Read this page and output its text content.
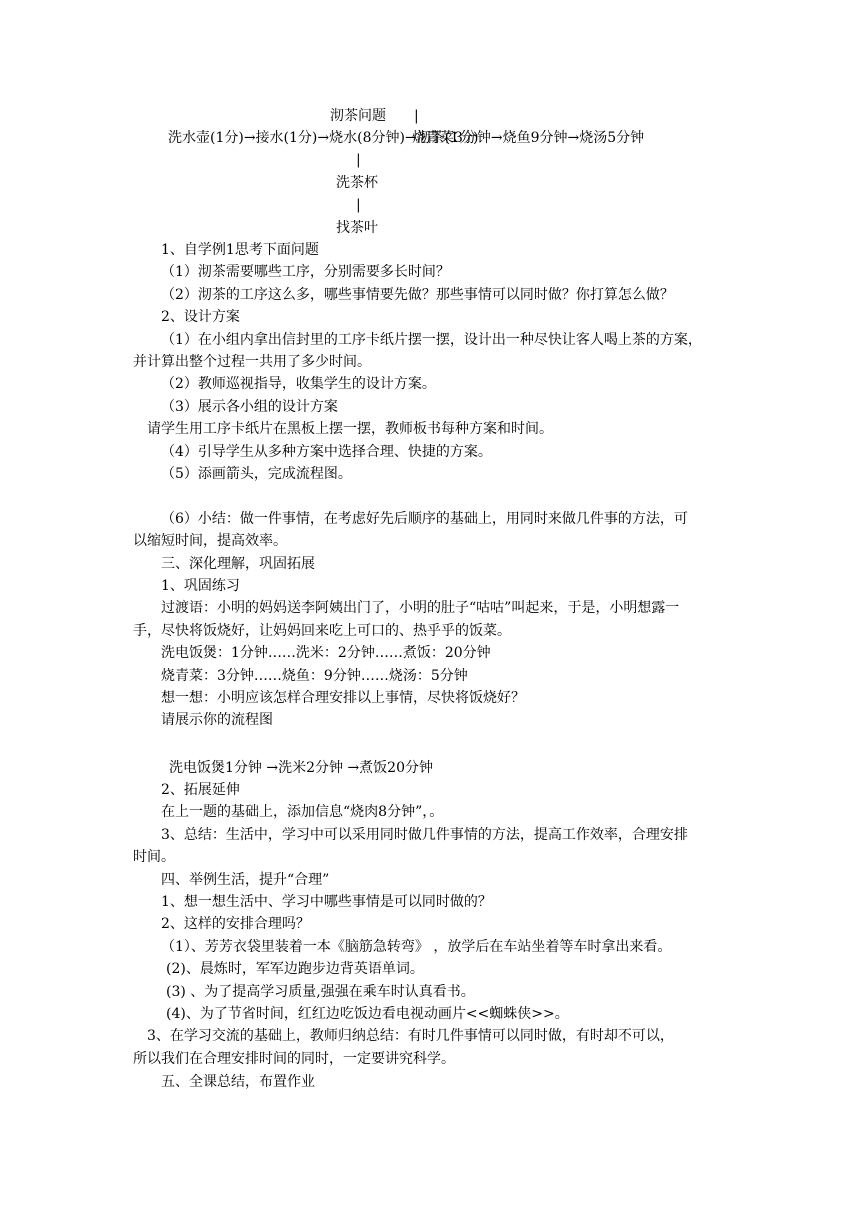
沏茶问题 |
洗水壶(1分)→接水(1分)→烧水(8分钟)→沏茶(1分)
烧青菜3分钟→烧鱼9分钟→烧汤5分钟
|
洗茶杯
|
找茶叶
1、自学例1思考下面问题
（1）沏茶需要哪些工序，分别需要多长时间？
（2）沏茶的工序这么多，哪些事情要先做？那些事情可以同时做？你打算怎么做？
2、设计方案
（1）在小组内拿出信封里的工序卡纸片摆一摆，设计出一种尽快让客人喝上茶的方案，
并计算出整个过程一共用了多少时间。
（2）教师巡视指导，收集学生的设计方案。
（3）展示各小组的设计方案
请学生用工序卡纸片在黑板上摆一摆，教师板书每种方案和时间。
（4）引导学生从多种方案中选择合理、快捷的方案。
（5）添画箭头，完成流程图。
（6）小结：做一件事情，在考虑好先后顺序的基础上，用同时来做几件事的方法，可
以缩短时间，提高效率。
三、深化理解，巩固拓展
1、巩固练习
过渡语：小明的妈妈送李阿姨出门了，小明的肚子“咕咕”叫起来，于是，小明想露一
手，尽快将饭烧好，让妈妈回来吃上可口的、热乎乎的饭菜。
洗电饭煲：1分钟……洗米：2分钟……煮饭：20分钟
烧青菜：3分钟……烧鱼：9分钟……烧汤：5分钟
想一想：小明应该怎样合理安排以上事情，尽快将饭烧好？
请展示你的流程图
洗电饭煲1分钟 →洗米2分钟 →煮饭20分钟
2、拓展延伸
在上一题的基础上，添加信息“烧肉8分钟”，。
3、总结：生活中，学习中可以采用同时做几件事情的方法，提高工作效率，合理安排
时间。
四、举例生活，提升“合理”
1、想一想生活中、学习中哪些事情是可以同时做的？
2、这样的安排合理吗？
（1）、芳芳衣袋里装着一本《脑筋急转弯》 ，放学后在车站坐着等车时拿出来看。
(2)、晨炼时，军军边跑步边背英语单词。
(3) 、为了提高学习质量,强强在乘车时认真看书。
(4)、为了节省时间，红红边吃饭边看电视动画片<<蜘蛛侠>>。
3、在学习交流的基础上，教师归纳总结：有时几件事情可以同时做，有时却不可以，
所以我们在合理安排时间的同时，一定要讲究科学。
五、全课总结，布置作业
